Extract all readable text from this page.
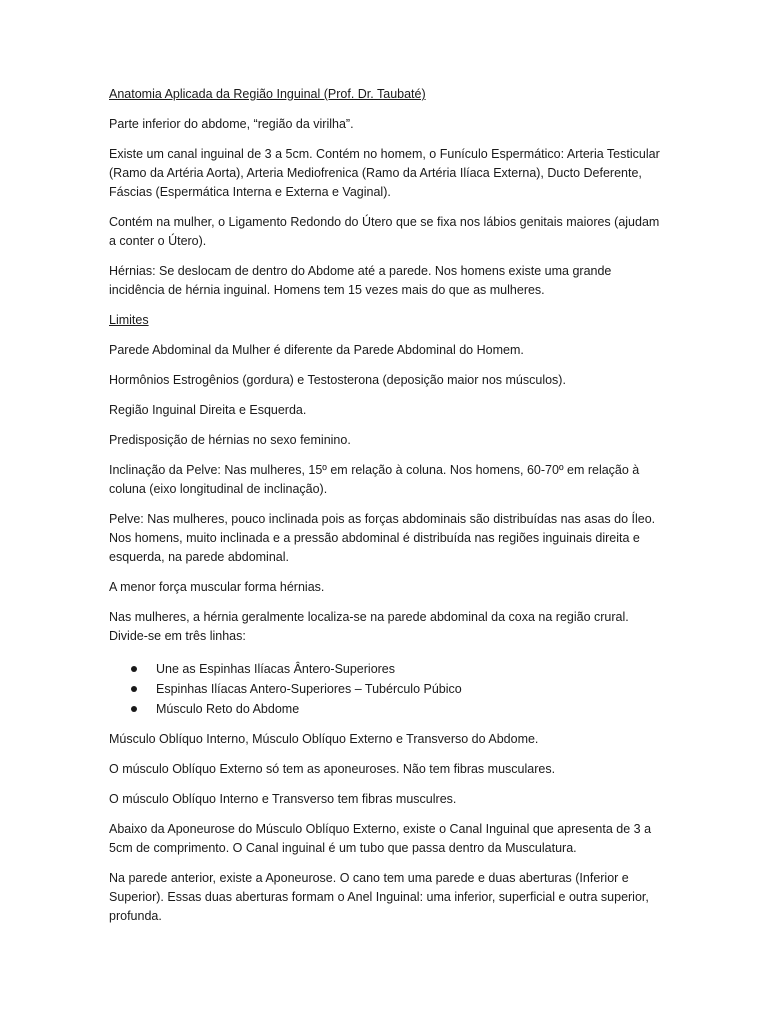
Anatomia Aplicada da Região Inguinal (Prof. Dr. Taubaté)

Parte inferior do abdome, “região da virilha”.

Existe um canal inguinal de 3 a 5cm. Contém no homem, o Funículo Espermático: Arteria Testicular (Ramo da Artéria Aorta), Arteria Mediofrenica (Ramo da Artéria Ilíaca Externa), Ducto Deferente, Fáscias (Espermática Interna e Externa e Vaginal).

Contém na mulher, o Ligamento Redondo do Útero que se fixa nos lábios genitais maiores (ajudam a conter o Útero).

Hérnias: Se deslocam de dentro do Abdome até a parede. Nos homens existe uma grande incidência de hérnia inguinal. Homens tem 15 vezes mais do que as mulheres.

Limites

Parede Abdominal da Mulher é diferente da Parede Abdominal do Homem.

Hormônios Estrogênios (gordura) e Testosterona (deposição maior nos músculos).

Região Inguinal Direita e Esquerda.

Predisposição de hérnias no sexo feminino.

Inclinação da Pelve: Nas mulheres, 15º em relação à coluna. Nos homens, 60-70º em relação à coluna (eixo longitudinal de inclinação).

Pelve: Nas mulheres, pouco inclinada pois as forças abdominais são distribuídas nas asas do Íleo. Nos homens, muito inclinada e a pressão abdominal é distribuída nas regiões inguinais direita e esquerda, na parede abdominal.

A menor força muscular forma hérnias.

Nas mulheres, a hérnia geralmente localiza-se na parede abdominal da coxa na região crural. Divide-se em três linhas:

Une as Espinhas Ilíacas Ântero-Superiores
Espinhas Ilíacas Antero-Superiores – Tubérculo Púbico
Músculo Reto do Abdome

Músculo Oblíquo Interno, Músculo Oblíquo Externo e Transverso do Abdome.

O músculo Oblíquo Externo só tem as aponeuroses. Não tem fibras musculares.

O músculo Oblíquo Interno e Transverso tem fibras musculres.

Abaixo da Aponeurose do Músculo Oblíquo Externo, existe o Canal Inguinal que apresenta de 3 a 5cm de comprimento. O Canal inguinal é um tubo que passa dentro da Musculatura.

Na parede anterior, existe a Aponeurose. O cano tem uma parede e duas aberturas (Inferior e Superior). Essas duas aberturas formam o Anel Inguinal: uma inferior, superficial e outra superior, profunda.
